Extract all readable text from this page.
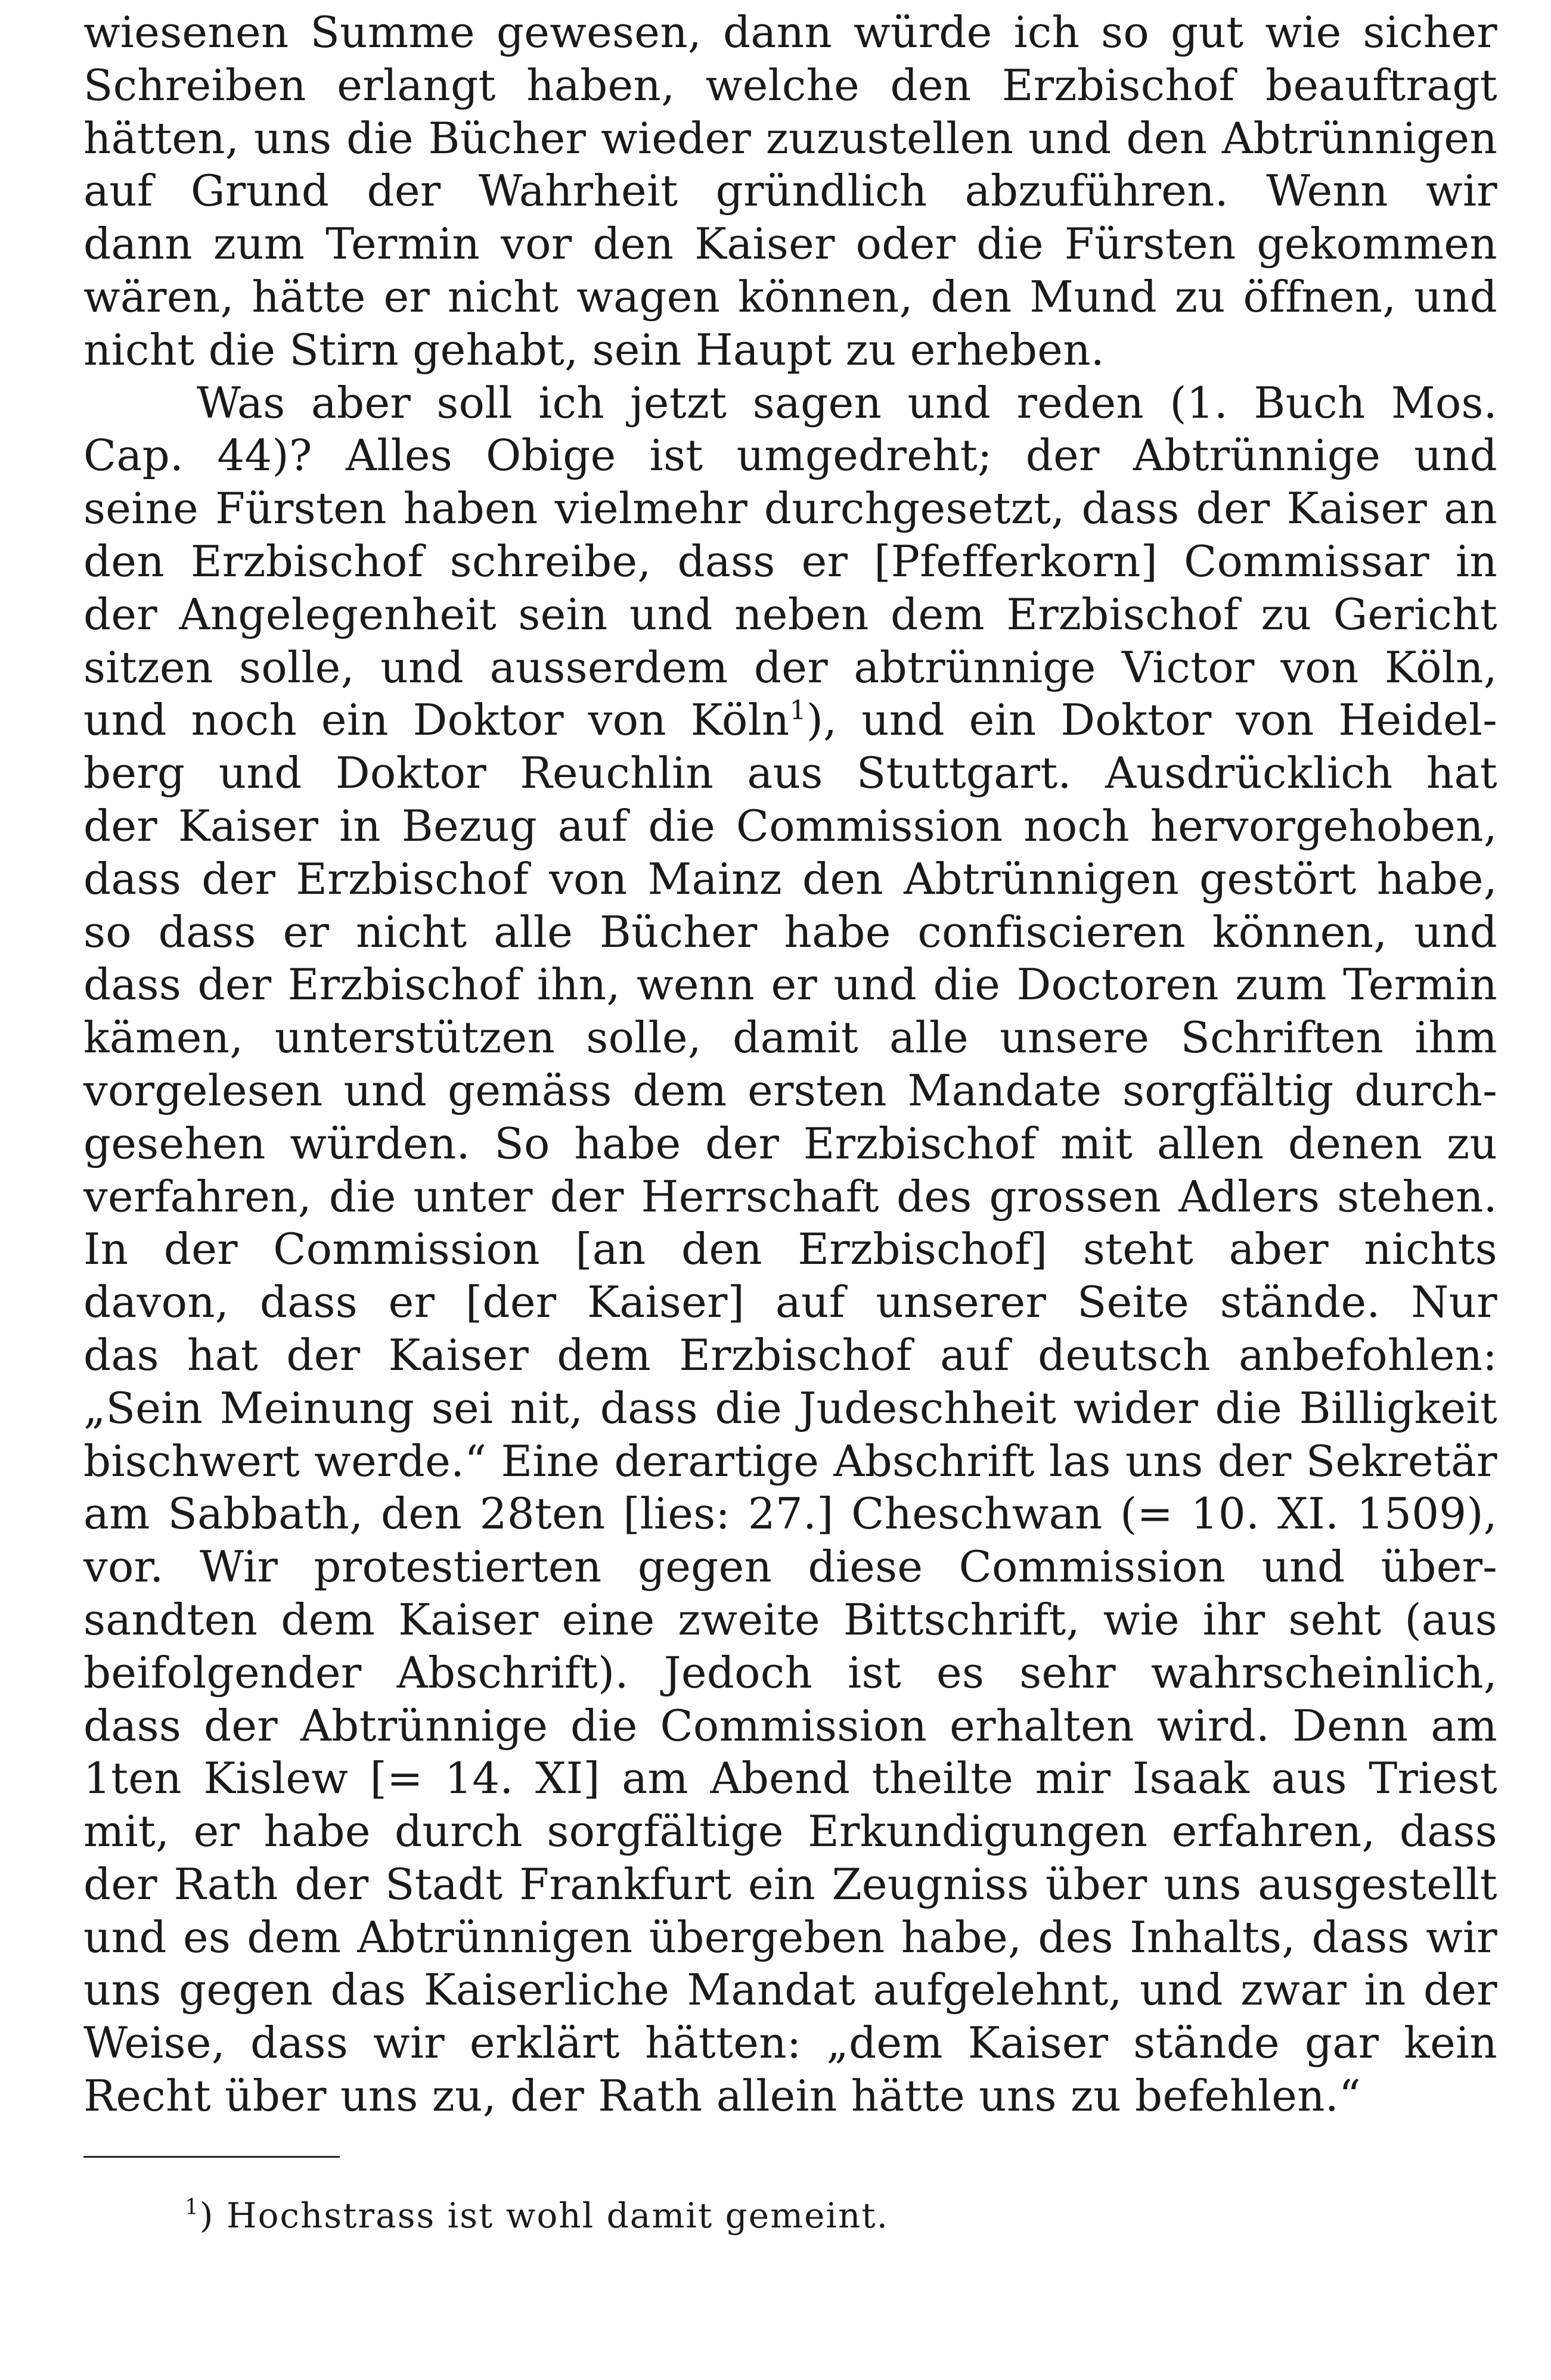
wiesenen Summe gewesen, dann würde ich so gut wie sicher
Schreiben erlangt haben, welche den Erzbischof beauftragt
hätten, uns die Bücher wieder zuzustellen und den Abtrünnigen
auf Grund der Wahrheit gründlich abzuführen. Wenn wir
dann zum Termin vor den Kaiser oder die Fürsten gekommen
wären, hätte er nicht wagen können, den Mund zu öffnen, und
nicht die Stirn gehabt, sein Haupt zu erheben.
Was aber soll ich jetzt sagen und reden (1. Buch Mos.
Cap. 44)? Alles Obige ist umgedreht; der Abtrünnige und
seine Fürsten haben vielmehr durchgesetzt, dass der Kaiser an
den Erzbischof schreibe, dass er [Pfefferkorn] Commissar in
der Angelegenheit sein und neben dem Erzbischof zu Gericht
sitzen solle, und ausserdem der abtrünnige Victor von Köln,
und noch ein Doktor von Köln$^1$), und ein Doktor von Heidel-
berg und Doktor Reuchlin aus Stuttgart. Ausdrücklich hat
der Kaiser in Bezug auf die Commission noch hervorgehoben,
dass der Erzbischof von Mainz den Abtrünnigen gestört habe,
so dass er nicht alle Bücher habe confiscieren können, und
dass der Erzbischof ihn, wenn er und die Doctoren zum Termin
kämen, unterstützen solle, damit alle unsere Schriften ihm
vorgelesen und gemäss dem ersten Mandate sorgfältig durch-
gesehen würden. So habe der Erzbischof mit allen denen zu
verfahren, die unter der Herrschaft des grossen Adlers stehen.
In der Commission [an den Erzbischof] steht aber nichts
davon, dass er [der Kaiser] auf unserer Seite stände. Nur
das hat der Kaiser dem Erzbischof auf deutsch anbefohlen:
„Sein Meinung sei nit, dass die Judeschheit wider die Billigkeit
bischwert werde.“ Eine derartige Abschrift las uns der Sekretär
am Sabbath, den 28ten [lies: 27.] Cheschwan (= 10. XI. 1509),
vor. Wir protestierten gegen diese Commission und über-
sandten dem Kaiser eine zweite Bittschrift, wie ihr seht (aus
beifolgender Abschrift). Jedoch ist es sehr wahrscheinlich,
dass der Abtrünnige die Commission erhalten wird. Denn am
1ten Kislew [= 14. XI] am Abend theilte mir Isaak aus Triest
mit, er habe durch sorgfältige Erkundigungen erfahren, dass
der Rath der Stadt Frankfurt ein Zeugniss über uns ausgestellt
und es dem Abtrünnigen übergeben habe, des Inhalts, dass wir
uns gegen das Kaiserliche Mandat aufgelehnt, und zwar in der
Weise, dass wir erklärt hätten: „dem Kaiser stände gar kein
Recht über uns zu, der Rath allein hätte uns zu befehlen.“
$^1$) Hochstrass ist wohl damit gemeint.
